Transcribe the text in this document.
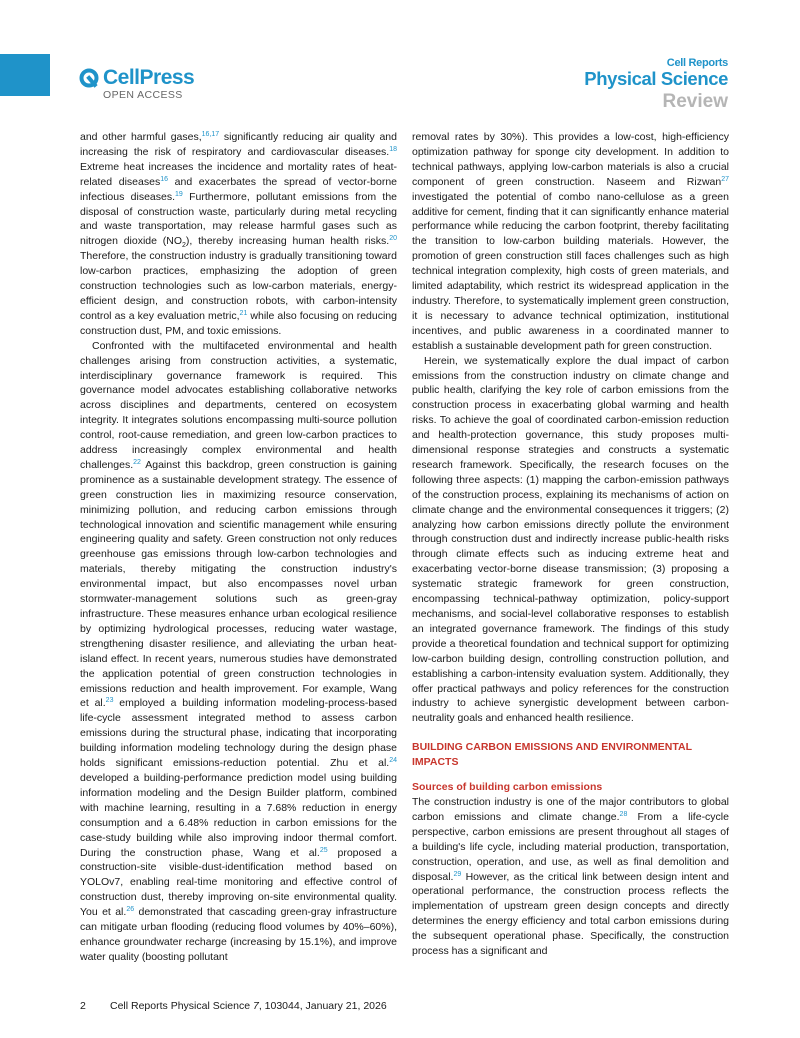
CellPress
OPEN ACCESS
Cell Reports
Physical Science
Review

and other harmful gases,$^{16,17}$ significantly reducing air quality and increasing the risk of respiratory and cardiovascular diseases.$^{18}$ Extreme heat increases the incidence and mortality rates of heat-related diseases$^{16}$ and exacerbates the spread of vector-borne infectious diseases.$^{19}$ Furthermore, pollutant emissions from the disposal of construction waste, particularly during metal recycling and waste transportation, may release harmful gases such as nitrogen dioxide $(NO_2)$, thereby increasing human health risks.$^{20}$ Therefore, the construction industry is gradually transitioning toward low-carbon practices, emphasizing the adoption of green construction technologies such as low-carbon materials, energy-efficient design, and construction robots, with carbon-intensity control as a key evaluation metric,$^{21}$ while also focusing on reducing construction dust, PM, and toxic emissions.

Confronted with the multifaceted environmental and health challenges arising from construction activities, a systematic, interdisciplinary governance framework is required. This governance model advocates establishing collaborative networks across disciplines and departments, centered on ecosystem integrity. It integrates solutions encompassing multi-source pollution control, root-cause remediation, and green low-carbon practices to address increasingly complex environmental and health challenges.$^{22}$ Against this backdrop, green construction is gaining prominence as a sustainable development strategy. The essence of green construction lies in maximizing resource conservation, minimizing pollution, and reducing carbon emissions through technological innovation and scientific management while ensuring engineering quality and safety. Green construction not only reduces greenhouse gas emissions through low-carbon technologies and materials, thereby mitigating the construction industry's environmental impact, but also encompasses novel urban stormwater-management solutions such as green-gray infrastructure. These measures enhance urban ecological resilience by optimizing hydrological processes, reducing water wastage, strengthening disaster resilience, and alleviating the urban heat-island effect. In recent years, numerous studies have demonstrated the application potential of green construction technologies in emissions reduction and health improvement. For example, Wang et al.$^{23}$ employed a building information modeling-process-based life-cycle assessment integrated method to assess carbon emissions during the structural phase, indicating that incorporating building information modeling technology during the design phase holds significant emissions-reduction potential. Zhu et al.$^{24}$ developed a building-performance prediction model using building information modeling and the Design Builder platform, combined with machine learning, resulting in a 7.68% reduction in energy consumption and a 6.48% reduction in carbon emissions for the case-study building while also improving indoor thermal comfort. During the construction phase, Wang et al.$^{25}$ proposed a construction-site visible-dust-identification method based on YOLOv7, enabling real-time monitoring and effective control of construction dust, thereby improving on-site environmental quality. You et al.$^{26}$ demonstrated that cascading green-gray infrastructure can mitigate urban flooding (reducing flood volumes by 40%–60%), enhance groundwater recharge (increasing by 15.1%), and improve water quality (boosting pollutant

removal rates by 30%). This provides a low-cost, high-efficiency optimization pathway for sponge city development. In addition to technical pathways, applying low-carbon materials is also a crucial component of green construction. Naseem and Rizwan$^{27}$ investigated the potential of combo nano-cellulose as a green additive for cement, finding that it can significantly enhance material performance while reducing the carbon footprint, thereby facilitating the transition to low-carbon building materials. However, the promotion of green construction still faces challenges such as high technical integration complexity, high costs of green materials, and limited adaptability, which restrict its widespread application in the industry. Therefore, to systematically implement green construction, it is necessary to advance technical optimization, institutional incentives, and public awareness in a coordinated manner to establish a sustainable development path for green construction.

Herein, we systematically explore the dual impact of carbon emissions from the construction industry on climate change and public health, clarifying the key role of carbon emissions from the construction process in exacerbating global warming and health risks. To achieve the goal of coordinated carbon-emission reduction and health-protection governance, this study proposes multi-dimensional response strategies and constructs a systematic research framework. Specifically, the research focuses on the following three aspects: (1) mapping the carbon-emission pathways of the construction process, explaining its mechanisms of action on climate change and the environmental consequences it triggers; (2) analyzing how carbon emissions directly pollute the environment through construction dust and indirectly increase public-health risks through climate effects such as inducing extreme heat and exacerbating vector-borne disease transmission; (3) proposing a systematic strategic framework for green construction, encompassing technical-pathway optimization, policy-support mechanisms, and social-level collaborative responses to establish an integrated governance framework. The findings of this study provide a theoretical foundation and technical support for optimizing low-carbon building design, controlling construction pollution, and establishing a carbon-intensity evaluation system. Additionally, they offer practical pathways and policy references for the construction industry to achieve synergistic development between carbon-neutrality goals and enhanced health resilience.

BUILDING CARBON EMISSIONS AND ENVIRONMENTAL IMPACTS

Sources of building carbon emissions

The construction industry is one of the major contributors to global carbon emissions and climate change.$^{28}$ From a life-cycle perspective, carbon emissions are present throughout all stages of a building's life cycle, including material production, transportation, construction, operation, and use, as well as final demolition and disposal.$^{29}$ However, as the critical link between design intent and operational performance, the construction process reflects the implementation of upstream green design concepts and directly determines the energy efficiency and total carbon emissions during the subsequent operational phase. Specifically, the construction process has a significant and

2 Cell Reports Physical Science 7, 103044, January 21, 2026
